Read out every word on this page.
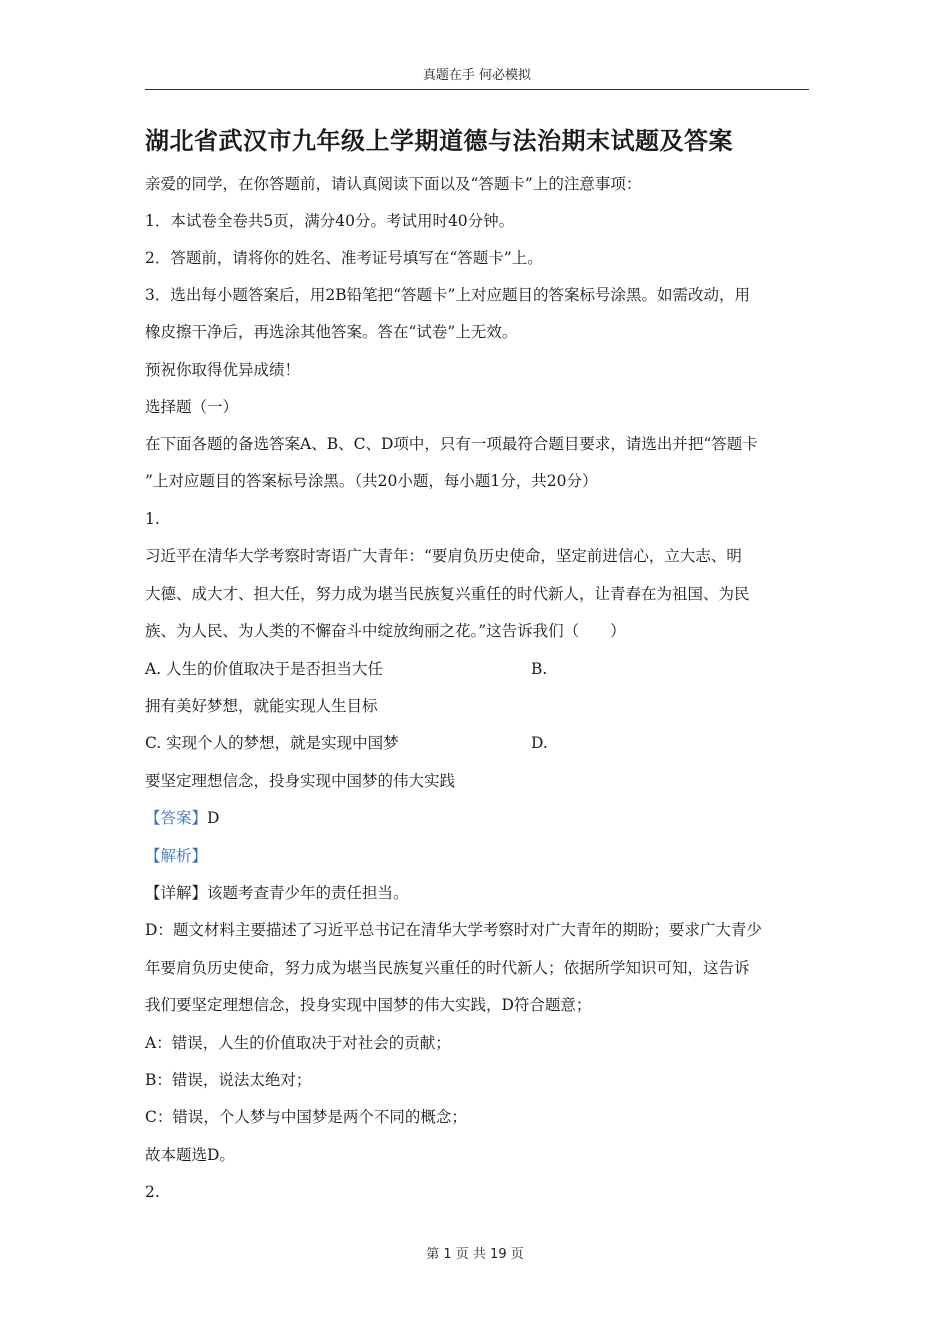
真题在手 何必模拟
湖北省武汉市九年级上学期道德与法治期末试题及答案
亲爱的同学，在你答题前，请认真阅读下面以及“答题卡”上的注意事项：
1．本试卷全卷共5页，满分40分。考试用时40分钟。
2．答题前，请将你的姓名、准考证号填写在“答题卡”上。
3．选出每小题答案后，用2B铅笔把“答题卡”上对应题目的答案标号涂黑。如需改动，用
橡皮擦干净后，再选涂其他答案。答在“试卷”上无效。
预祝你取得优异成绩！
选择题（一）
在下面各题的备选答案A、B、C、D项中，只有一项最符合题目要求，请选出并把“答题卡
”上对应题目的答案标号涂黑。（共20小题，每小题1分，共20分）
1.
习近平在清华大学考察时寄语广大青年：“要肩负历史使命，坚定前进信心，立大志、明
大德、成大才、担大任，努力成为堪当民族复兴重任的时代新人，让青春在为祖国、为民
族、为人民、为人类的不懈奋斗中绽放绚丽之花。”这告诉我们（　　）
A. 人生的价值取决于是否担当大任	B.
拥有美好梦想，就能实现人生目标
C. 实现个人的梦想，就是实现中国梦	D.
要坚定理想信念，投身实现中国梦的伟大实践
【答案】D
【解析】
【详解】该题考查青少年的责任担当。
D：题文材料主要描述了习近平总书记在清华大学考察时对广大青年的期盼；要求广大青少
年要肩负历史使命，努力成为堪当民族复兴重任的时代新人；依据所学知识可知，这告诉
我们要坚定理想信念，投身实现中国梦的伟大实践，D符合题意；
A：错误，人生的价值取决于对社会的贡献；
B：错误，说法太绝对；
C：错误，个人梦与中国梦是两个不同的概念；
故本题选D。
2.
第 1 页 共 19 页
